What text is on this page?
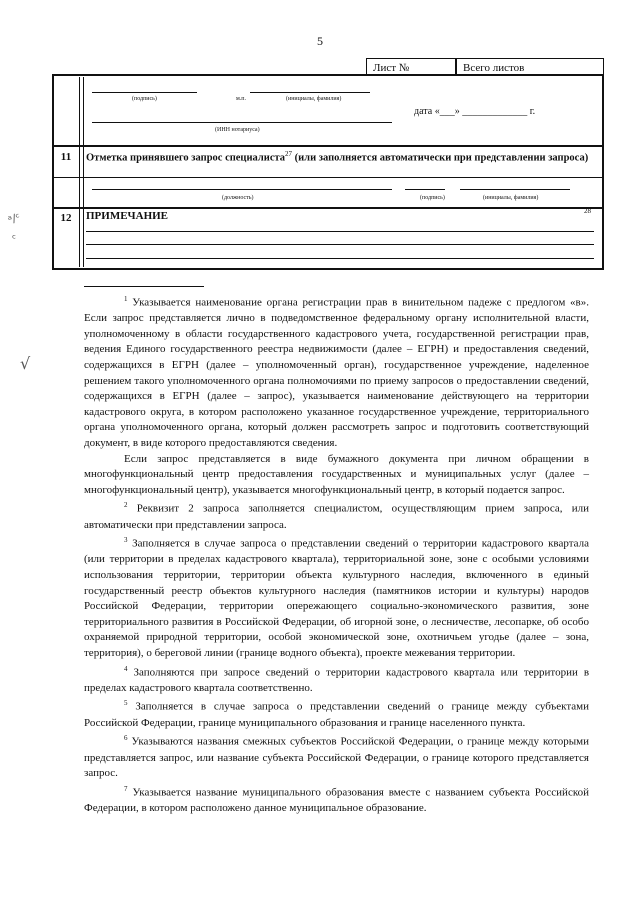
5
Лист №	Всего листов
(подпись)	м.п.	(инициалы, фамилия)
дата «___» _____________ г.
(ИНН нотариуса)
11	Отметка принявшего запрос специалиста$^{27}$ (или заполняется автоматически при представлении запроса)
(должность)	(подпись)	(инициалы, фамилия)
12	ПРИМЕЧАНИЕ	28
ᵃ/ᶜ
ᶜ
√

$^1$ Указывается наименование органа регистрации прав в винительном падеже с предлогом «в». Если запрос представляется лично в подведомственное федеральному органу исполнительной власти, уполномоченному в области государственного кадастрового учета, государственной регистрации прав, ведения Единого государственного реестра недвижимости (далее – ЕГРН) и предоставления сведений, содержащихся в ЕГРН (далее – уполномоченный орган), государственное учреждение, наделенное решением такого уполномоченного органа полномочиями по приему запросов о предоставлении сведений, содержащихся в ЕГРН (далее – запрос), указывается наименование действующего на территории кадастрового округа, в котором расположено указанное государственное учреждение, территориального органа уполномоченного органа, который должен рассмотреть запрос и подготовить соответствующий документ, в виде которого предоставляются сведения.

Если запрос представляется в виде бумажного документа при личном обращении в многофункциональный центр предоставления государственных и муниципальных услуг (далее – многофункциональный центр), указывается многофункциональный центр, в который подается запрос.

$^2$ Реквизит 2 запроса заполняется специалистом, осуществляющим прием запроса, или автоматически при представлении запроса.

$^3$ Заполняется в случае запроса о представлении сведений о территории кадастрового квартала (или территории в пределах кадастрового квартала), территориальной зоне, зоне с особыми условиями использования территории, территории объекта культурного наследия, включенного в единый государственный реестр объектов культурного наследия (памятников истории и культуры) народов Российской Федерации, территории опережающего социально-экономического развития, зоне территориального развития в Российской Федерации, об игорной зоне, о лесничестве, лесопарке, об особо охраняемой природной территории, особой экономической зоне, охотничьем угодье (далее – зона, территория), о береговой линии (границе водного объекта), проекте межевания территории.

$^4$ Заполняются при запросе сведений о территории кадастрового квартала или территории в пределах кадастрового квартала соответственно.

$^5$ Заполняется в случае запроса о представлении сведений о границе между субъектами Российской Федерации, границе муниципального образования и границе населенного пункта.

$^6$ Указываются названия смежных субъектов Российской Федерации, о границе между которыми представляется запрос, или название субъекта Российской Федерации, о границе которого представляется запрос.

$^7$ Указывается название муниципального образования вместе с названием субъекта Российской Федерации, в котором расположено данное муниципальное образование.
